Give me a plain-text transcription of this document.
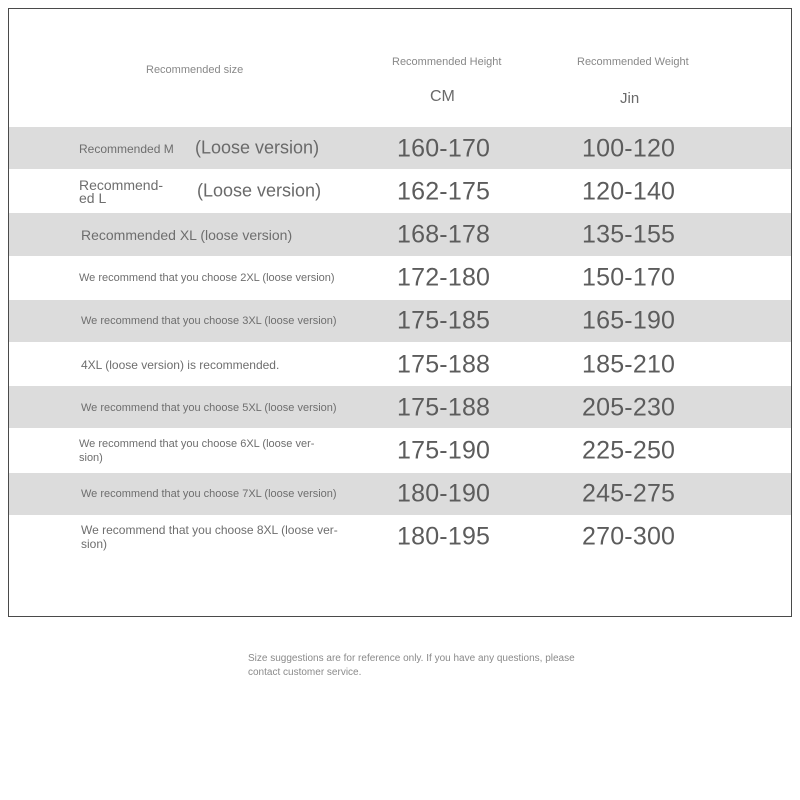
Recommended size
Recommended Height
CM
Recommended Weight
Jin
Recommended M	(Loose version)	160-170	100-120
Recommend- ed L	(Loose version)	162-175	120-140
Recommended XL (loose version)	168-178	135-155
We recommend that you choose 2XL (loose version)	172-180	150-170
We recommend that you choose 3XL (loose version)	175-185	165-190
4XL (loose version) is recommended.	175-188	185-210
We recommend that you choose 5XL (loose version)	175-188	205-230
We recommend that you choose 6XL (loose ver- sion)	175-190	225-250
We recommend that you choose 7XL (loose version)	180-190	245-275
We recommend that you choose 8XL (loose ver- sion)	180-195	270-300
Size suggestions are for reference only. If you have any questions, please contact customer service.
